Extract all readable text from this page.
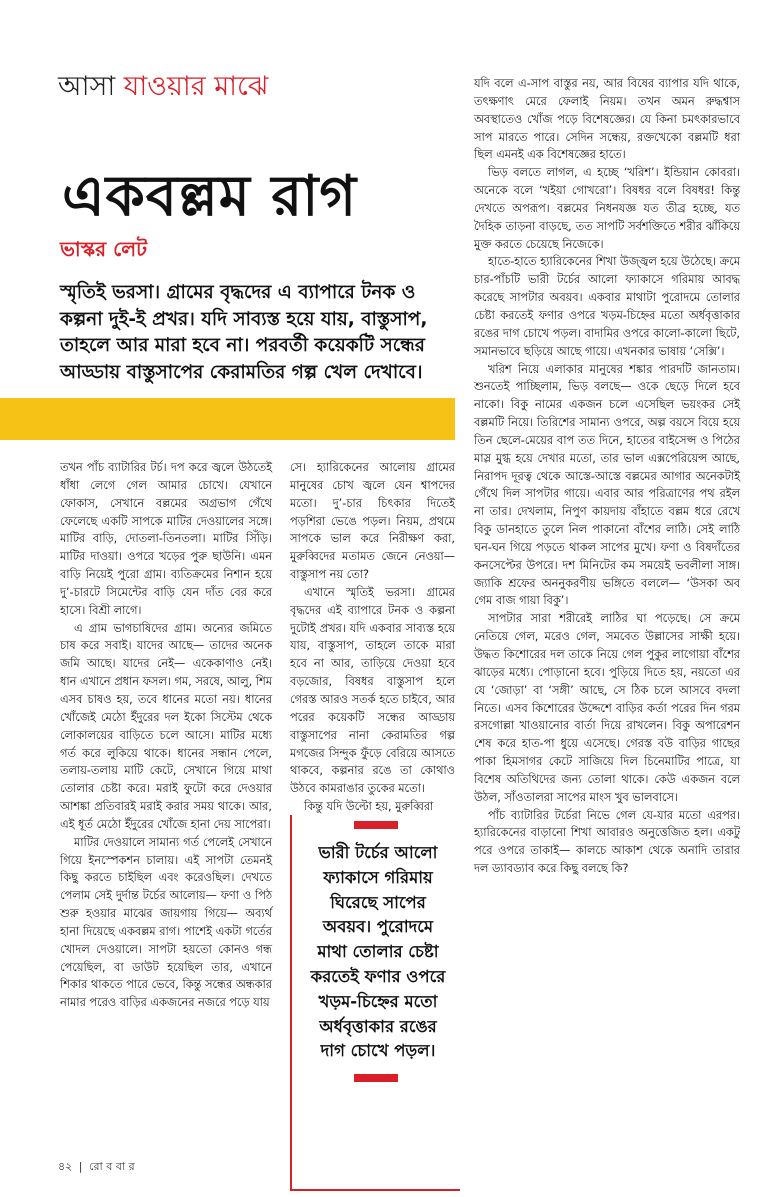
আসা যাওয়ার মাঝে
একবল্লম রাগ
ভাস্কর লেট
স্মৃতিই ভরসা। গ্রামের বৃদ্ধদের এ ব্যাপারে টনক ও কল্পনা দুই-ই প্রখর। যদি সাব্যস্ত হয়ে যায়, বাস্তুসাপ, তাহলে আর মারা হবে না। পরবর্তী কয়েকটি সন্ধের আড্ডায় বাস্তুসাপের কেরামতির গল্প খেল দেখাবে।

তখন পাঁচ ব্যাটারির টর্চ। দপ করে জ্বলে উঠতেই ধাঁধা লেগে গেল আমার চোখে। যেখানে ফোকাস, সেখানে বল্লমের অগ্রভাগ গেঁথে ফেলেছে একটি সাপকে মাটির দেওয়ালের সঙ্গে। মাটির বাড়ি, দোতলা-তিনতলা। মাটির সিঁড়ি। মাটির দাওয়া। ওপরে খড়ের পুরু ছাউনি। এমন বাড়ি নিয়েই পুরো গ্রাম। ব্যতিক্রমের নিশান হয়ে দু’-চারটে সিমেন্টের বাড়ি যেন দাঁত বের করে হাসে। বিশ্রী লাগে।

এ গ্রাম ভাগচাষিদের গ্রাম। অন্যের জমিতে চাষ করে সবাই। যাদের আছে— তাদের অনেক জমি আছে। যাদের নেই— একেকাণাও নেই। ধান এখানে প্রধান ফসল। গম, সরষে, আলু, শিম এসব চাষও হয়, তবে ধানের মতো নয়। ধানের খোঁজেই মেঠো ইঁদুরের দল ইকো সিস্টেম থেকে লোকালয়ের বাড়িতে চলে আসে। মাটির মধ্যে গর্ত করে লুকিয়ে থাকে। ধানের সন্ধান পেলে, তলায়-তলায় মাটি কেটে, সেখানে গিয়ে মাথা তোলার চেষ্টা করে। মরাই ফুটো করে দেওয়ার আশঙ্কা প্রতিবারই মরাই করার সময় থাকে। আর, এই ধূর্ত মেঠো ইঁদুরের খোঁজে হানা দেয় সাপেরা।

মাটির দেওয়ালে সামান্য গর্ত পেলেই সেখানে গিয়ে ইনস্পেকশন চালায়। এই সাপটা তেমনই কিছু করতে চাইছিল এবং করেওছিল। দেখতে পেলাম সেই দুর্দান্ত টর্চের আলোয়— ফণা ও পিঠ শুরু হওয়ার মাঝের জায়গায় গিয়ে— অব্যর্থ হানা দিয়েছে একবল্লম রাগ। পাশেই একটা গর্তের খোদল দেওয়ালে। সাপটা হয়তো কোনও গন্ধ পেয়েছিল, বা ডাউট হয়েছিল তার, এখানে শিকার থাকতে পারে ভেবে, কিন্তু সন্ধের অন্ধকার নামার পরেও বাড়ির একজনের নজরে পড়ে যায়

সে। হ্যারিকেনের আলোয় গ্রামের মানুষের চোখ জ্বলে যেন শ্বাপদের মতো। দু’-চার চিৎকার দিতেই পড়শিরা ভেঙে পড়ল। নিয়ম, প্রথমে সাপকে ভাল করে নিরীক্ষণ করা, মুরুব্বিদের মতামত জেনে নেওয়া— বাস্তুসাপ নয় তো?

এখানে স্মৃতিই ভরসা। গ্রামের বৃদ্ধদের এই ব্যাপারে টনক ও কল্পনা দুটোই প্রখর। যদি একবার সাব্যস্ত হয়ে যায়, বাস্তুসাপ, তাহলে তাকে মারা হবে না আর, তাড়িয়ে দেওয়া হবে বড়জোর, বিষধর বাস্তুসাপ হলে গেরস্ত আরও সতর্ক হতে চাইবে, আর পরের কয়েকটি সন্ধের আড্ডায় বাস্তুসাপের নানা কেরামতির গল্প মগজের সিন্দুক ফুঁড়ে বেরিয়ে আসতে থাকবে, কল্পনার রঙে তা কোথাও উঠবে কামরাঙার তুকের মতো।

কিন্তু যদি উল্টো হয়, মুরুব্বিরা

ভারী টর্চের আলো ফ্যাকাসে গরিমায় ঘিরেছে সাপের অবয়ব। পুরোদমে মাথা তোলার চেষ্টা করতেই ফণার ওপরে খড়ম-চিহ্নের মতো অর্ধবৃত্তাকার রঙের দাগ চোখে পড়ল।

যদি বলে এ-সাপ বাস্তুর নয়, আর বিষের ব্যাপার যদি থাকে, তৎক্ষণাৎ মেরে ফেলাই নিয়ম। তখন অমন রুদ্ধশ্বাস অবস্থাতেও খোঁজ পড়ে বিশেষজ্ঞের। যে কিনা চমৎকারভাবে সাপ মারতে পারে। সেদিন সন্ধেয়, রক্তখেকো বল্লমটি ধরা ছিল এমনই এক বিশেষজ্ঞের হাতে।

ভিড় বলতে লাগল, এ হচ্ছে ‘খরিশ’। ইন্ডিয়ান কোবরা। অনেকে বলে ‘খইয়া গোখরো’। বিষধর বলে বিষধর! কিন্তু দেখতে অপরূপ। বল্লমের নিধনযজ্ঞ যত তীব্র হচ্ছে, যত দৈহিক তাড়না বাড়ছে, তত সাপটি সর্বশক্তিতে শরীর ঝাঁকিয়ে মুক্ত করতে চেয়েছে নিজেকে।

হাতে-হাতে হ্যারিকেনের শিখা উজ্জ্বল হয়ে উঠেছে। ক্রমে চার-পাঁচটি ভারী টর্চের আলো ফ্যাকাসে গরিমায় আবদ্ধ করেছে সাপটার অবয়ব। একবার মাথাটা পুরোদমে তোলার চেষ্টা করতেই ফণার ওপরে খড়ম-চিহ্নের মতো অর্ধবৃত্তাকার রঙের দাগ চোখে পড়ল। বাদামির ওপরে কালো-কালো ছিটে, সমানভাবে ছড়িয়ে আছে গায়ে। এখনকার ভাষায় ‘সেক্সি’।

খরিশ নিয়ে এলাকার মানুষের শঙ্কার পারদটি জানতাম। শুনতেই পাচ্ছিলাম, ভিড় বলছে— ওকে ছেড়ে দিলে হবে নাকো। বিকু নামের একজন চলে এসেছিল ভয়ংকর সেই বল্লমটি নিয়ে। তিরিশের সামান্য ওপরে, অল্প বয়সে বিয়ে হয়ে তিন ছেলে-মেয়ের বাপ তত দিনে, হাতের বাইসেপ্স ও পিঠের মাস্ল মুগ্ধ হয়ে দেখার মতো, তার ভাল এক্সপেরিয়েন্স আছে, নিরাপদ দূরত্ব থেকে আস্তে-আস্তে বল্লমের আগার অনেকটাই গেঁথে দিল সাপটার গায়ে। এবার আর পরিত্রাণের পথ রইল না তার। দেখলাম, নিপুণ কায়দায় বাঁহাতে বল্লম ধরে রেখে বিকু ডানহাতে তুলে নিল পাকানো বাঁশের লাঠি। সেই লাঠি ঘন-ঘন গিয়ে পড়তে থাকল সাপের মুখে। ফণা ও বিষদাঁতের কনসেপ্টের উপরে। দশ মিনিটের কম সময়েই ভবলীলা সাঙ্গ। জ্যাকি শ্রফের অননুকরণীয় ভঙ্গিতে বললে— ‘উসকা অব গেম বাজ গায়া বিকু’।

সাপটার সারা শরীরেই লাঠির ঘা পড়েছে। সে ক্রমে নেতিয়ে গেল, মরেও গেল, সমবেত উল্লাসের সাক্ষী হয়ে। উদ্ধত কিশোরের দল তাকে নিয়ে গেল পুকুর লাগোয়া বাঁশের ঝাড়ের মধ্যে। পোড়ানো হবে। পুড়িয়ে দিতে হয়, নয়তো এর যে ‘জোড়া’ বা ‘সঙ্গী’ আছে, সে ঠিক চলে আসবে বদলা নিতে। এসব কিশোরের উদ্দেশে বাড়ির কর্তা পরের দিন গরম রসগোল্লা খাওয়ানোর বার্তা দিয়ে রাখলেন। বিকু অপারেশন শেষ করে হাত-পা ধুয়ে এসেছে। গেরস্ত বউ বাড়ির গাছের পাকা হিমসাগর কেটে সাজিয়ে দিল চিনেমাটির পাত্রে, যা বিশেষ অতিথিদের জন্য তোলা থাকে। কেউ একজন বলে উঠল, সাঁওতালরা সাপের মাংস খুব ভালবাসে।

পাঁচ ব্যাটারির টর্চেরা নিভে গেল যে-যার মতো এরপর। হ্যারিকেনের বাড়ানো শিখা আবারও অনুত্তেজিত হল। একটু পরে ওপরে তাকাই— কালচে আকাশ থেকে অনাদি তারার দল ড্যাবড্যাব করে কিছু বলছে কি?

৪২ | রো ব বা র
